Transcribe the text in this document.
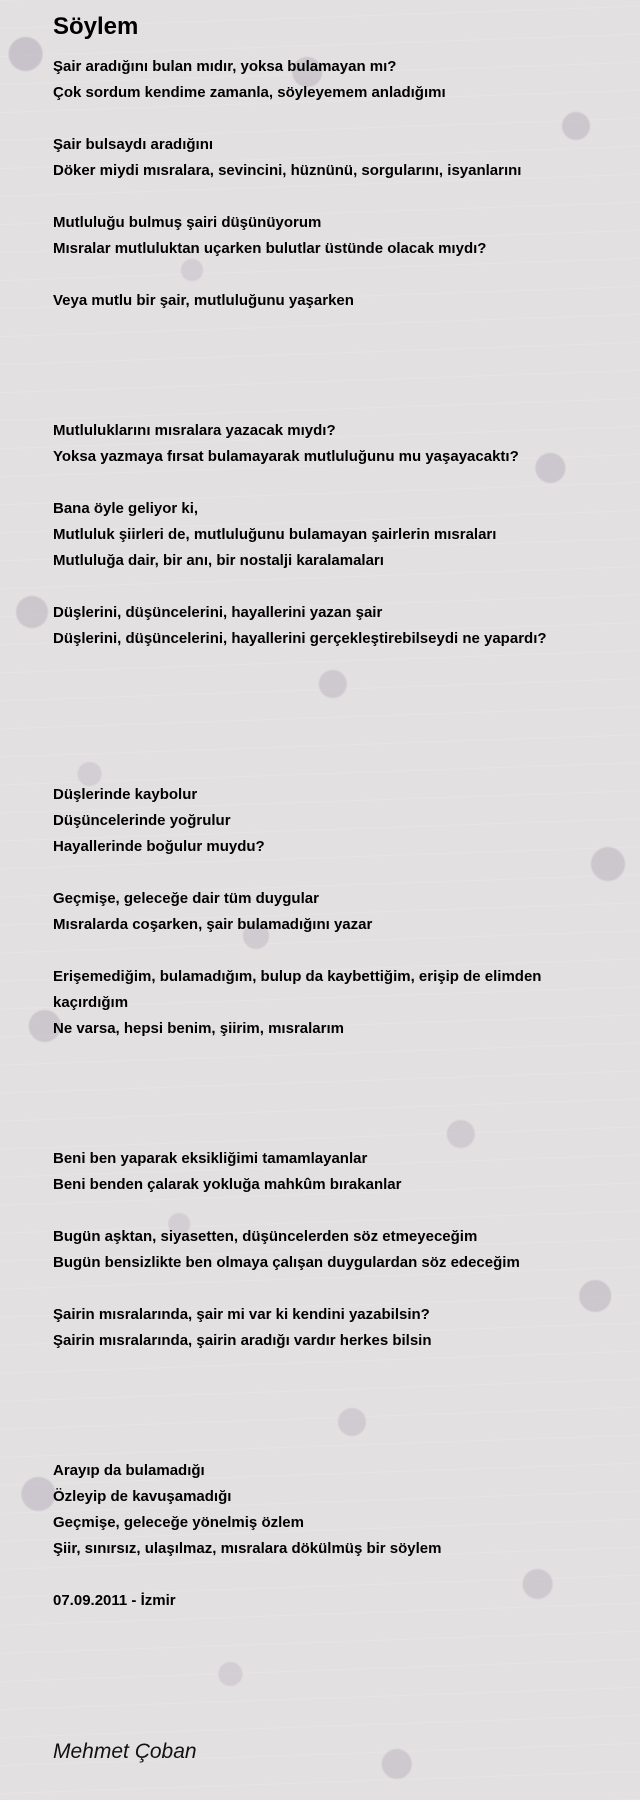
Söylem

Şair aradığını bulan mıdır, yoksa bulamayan mı?
Çok sordum kendime zamanla, söyleyemem anladığımı

Şair bulsaydı aradığını
Döker miydi mısralara, sevincini, hüznünü, sorgularını, isyanlarını

Mutluluğu bulmuş şairi düşünüyorum
Mısralar mutluluktan uçarken bulutlar üstünde olacak mıydı?

Veya mutlu bir şair, mutluluğunu yaşarken

Mutluluklarını mısralara yazacak mıydı?
Yoksa yazmaya fırsat bulamayarak mutluluğunu mu yaşayacaktı?

Bana öyle geliyor ki,
Mutluluk şiirleri de, mutluluğunu bulamayan şairlerin mısraları
Mutluluğa dair, bir anı, bir nostalji karalamaları

Düşlerini, düşüncelerini, hayallerini yazan şair
Düşlerini, düşüncelerini, hayallerini gerçekleştirebilseydi ne yapardı?

Düşlerinde kaybolur
Düşüncelerinde yoğrulur
Hayallerinde boğulur muydu?

Geçmişe, geleceğe dair tüm duygular
Mısralarda coşarken, şair bulamadığını yazar

Erişemediğim, bulamadığım, bulup da kaybettiğim, erişip de elimden
kaçırdığım
Ne varsa, hepsi benim, şiirim, mısralarım

Beni ben yaparak eksikliğimi tamamlayanlar
Beni benden çalarak yokluğa mahkûm bırakanlar

Bugün aşktan, siyasetten, düşüncelerden söz etmeyeceğim
Bugün bensizlikte ben olmaya çalışan duygulardan söz edeceğim

Şairin mısralarında, şair mi var ki kendini yazabilsin?
Şairin mısralarında, şairin aradığı vardır herkes bilsin

Arayıp da bulamadığı
Özleyip de kavuşamadığı
Geçmişe, geleceğe yönelmiş özlem
Şiir, sınırsız, ulaşılmaz, mısralara dökülmüş bir söylem

07.09.2011 - İzmir

Mehmet Çoban
